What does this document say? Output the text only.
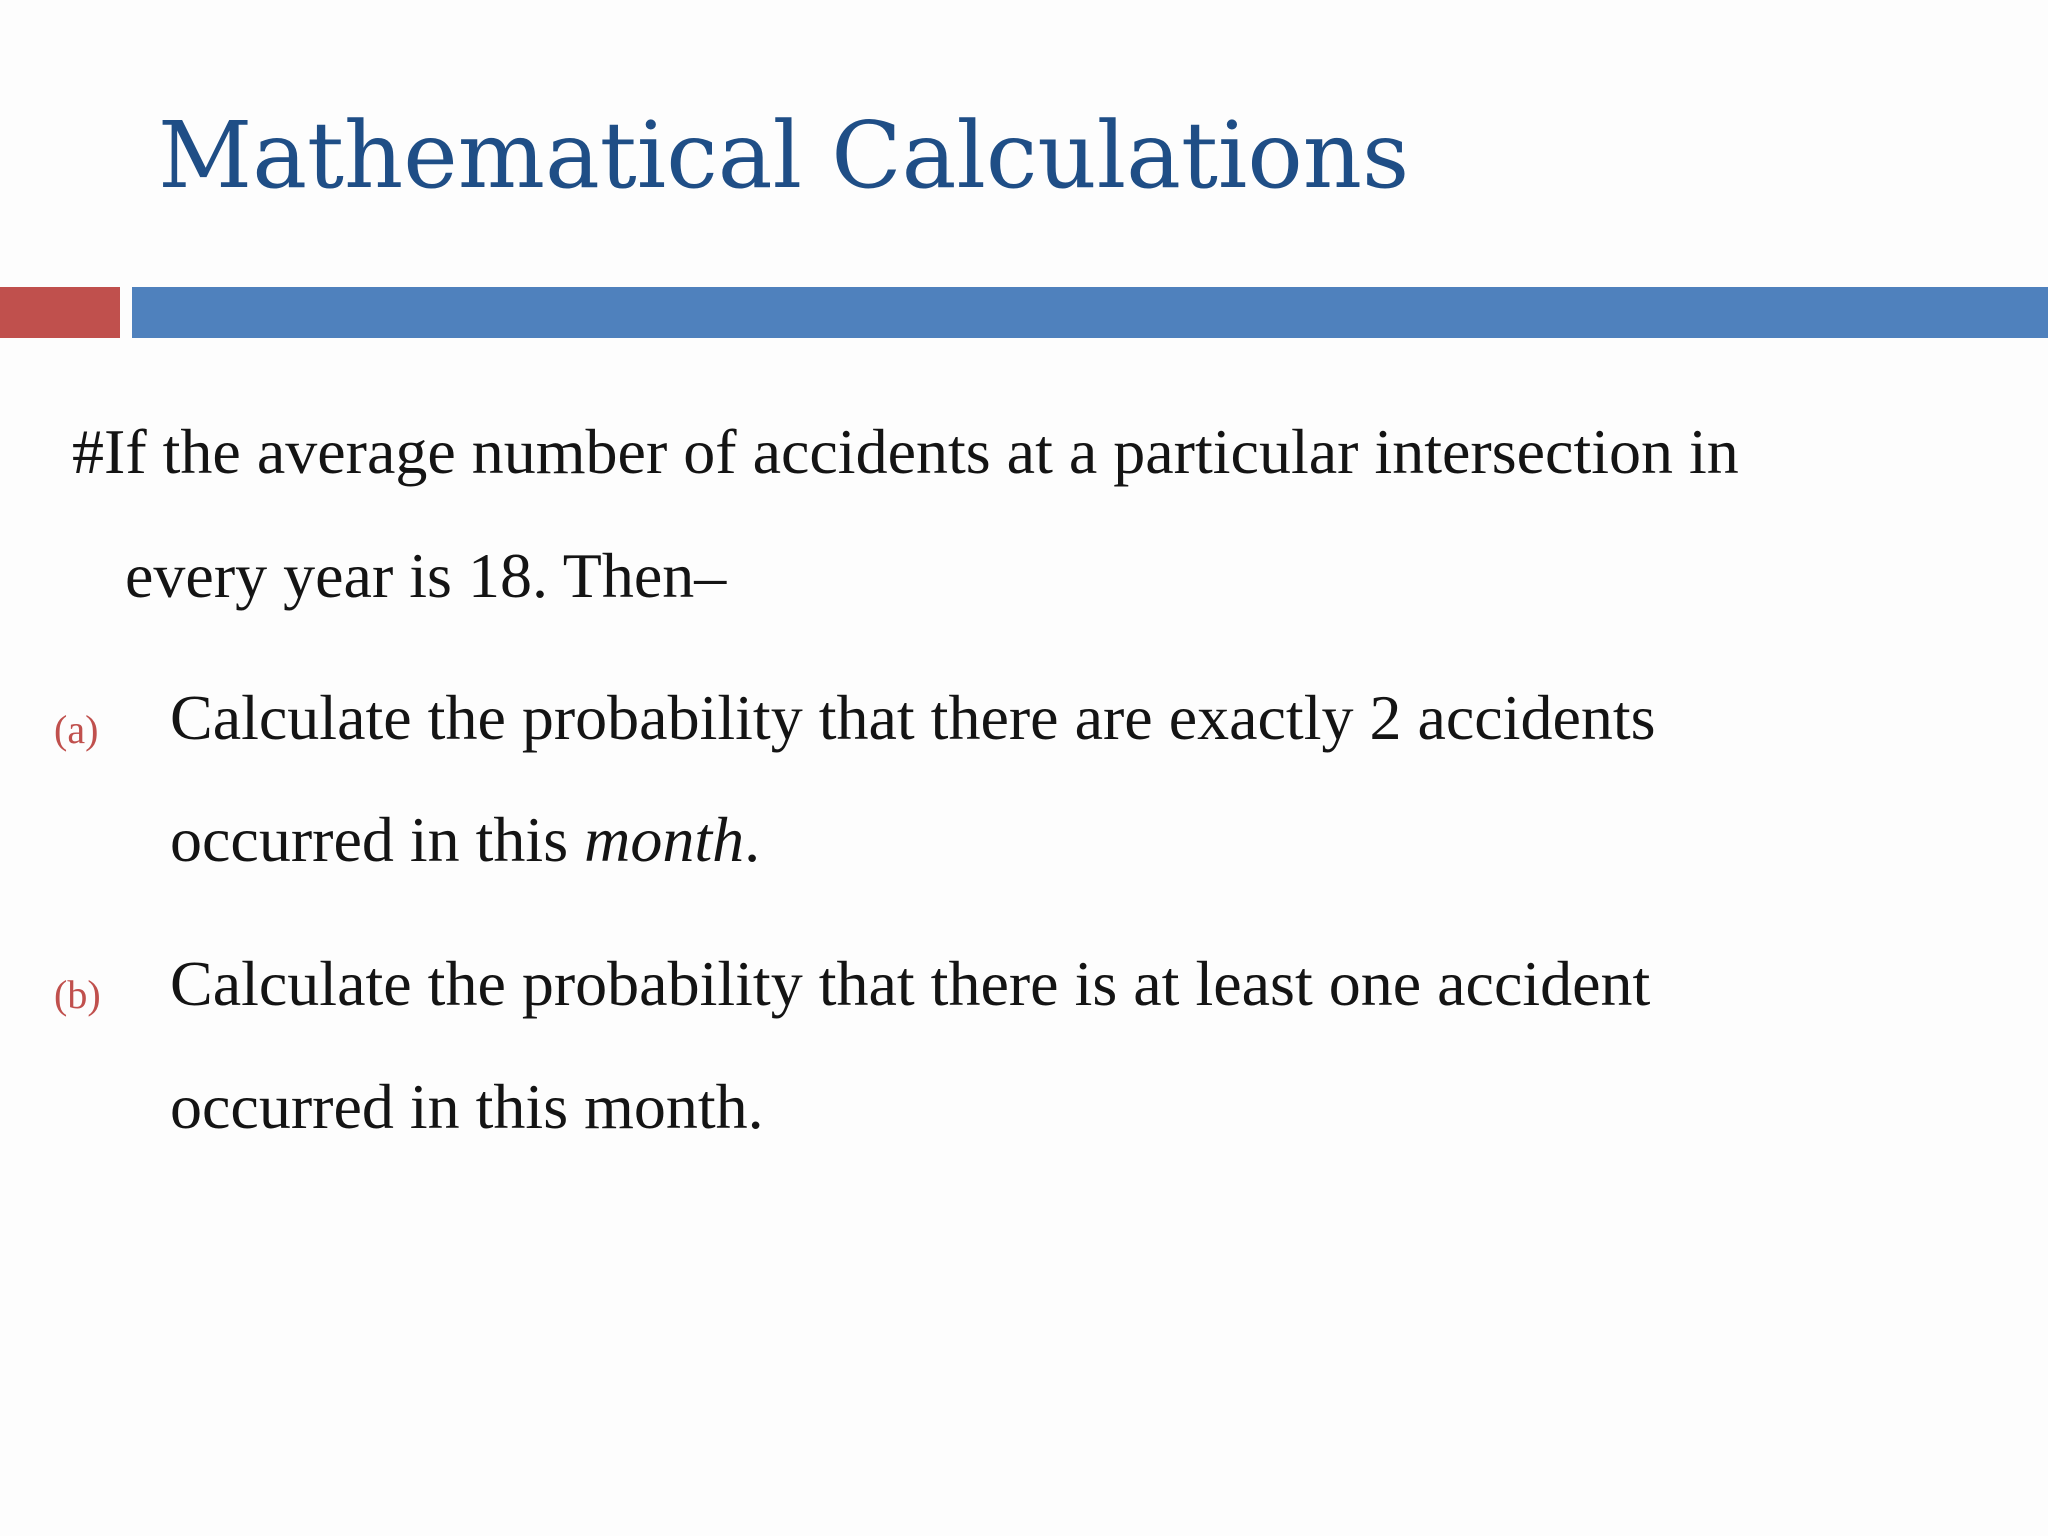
Mathematical Calculations
#If the average number of accidents at a particular intersection in
every year is 18. Then–
(a) Calculate the probability that there are exactly 2 accidents
occurred in this month.
(b) Calculate the probability that there is at least one accident
occurred in this month.
